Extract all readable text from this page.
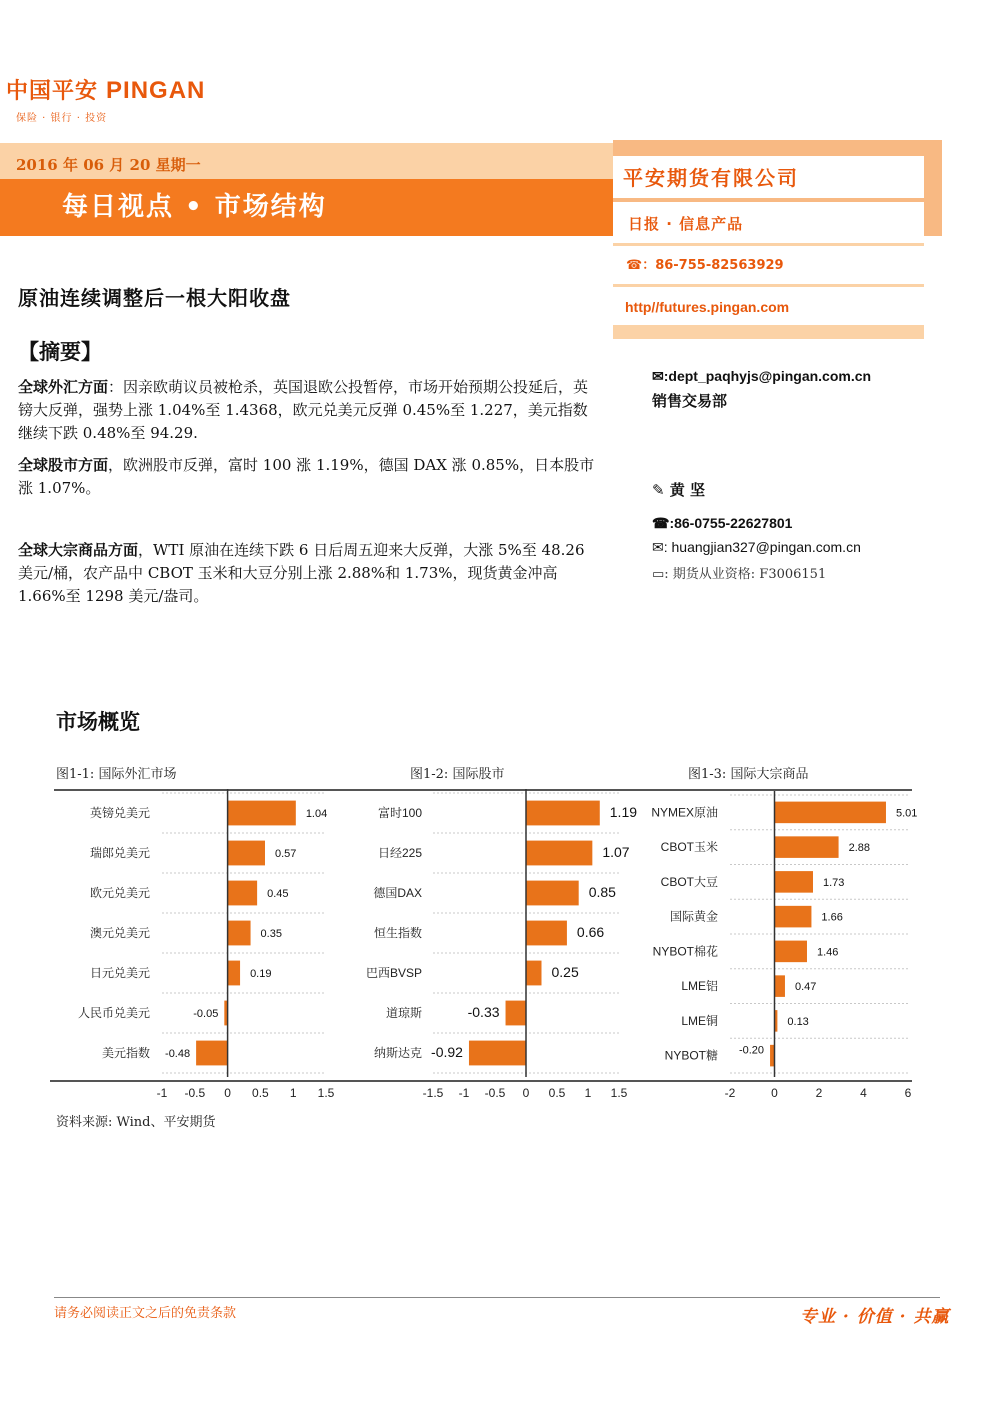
中国平安 PINGAN
保险 · 银行 · 投资
2016 年 06 月 20 星期一
每日视点 • 市场结构
平安期货有限公司
日报 · 信息产品
☎：86-755-82563929
http//futures.pingan.com
✉:dept_paqhyjs@pingan.com.cn
销售交易部
✎ 黄 坚
☎:86-0755-22627801
✉: huangjian327@pingan.com.cn
▭: 期货从业资格: F3006151
原油连续调整后一根大阳收盘
【摘要】
全球外汇方面：因亲欧萌议员被枪杀，英国退欧公投暂停，市场开始预期公投延后，英镑大反弹，强势上涨 1.04%至 1.4368，欧元兑美元反弹 0.45%至 1.227，美元指数继续下跌 0.48%至 94.29.
全球股市方面，欧洲股市反弹，富时 100 涨 1.19%，德国 DAX 涨 0.85%，日本股市涨 1.07%。
全球大宗商品方面，WTI 原油在连续下跌 6 日后周五迎来大反弹，大涨 5%至 48.26 美元/桶，农产品中 CBOT 玉米和大豆分别上涨 2.88%和 1.73%，现货黄金冲高 1.66%至 1298 美元/盎司。
市场概览
图1-1: 国际外汇市场	图1-2: 国际股市	图1-3: 国际大宗商品
英镑兑美元	1.04
瑞郎兑美元	0.57
欧元兑美元	0.45
澳元兑美元	0.35
日元兑美元	0.19
人民币兑美元	-0.05
美元指数 -0.48
-1 -0.5 0 0.5 1 1.5
富时100	1.19
日经225	1.07
德国DAX	0.85
恒生指数	0.66
巴西BVSP	0.25
道琼斯	-0.33
纳斯达克 -0.92
-1.5 -1 -0.5 0 0.5 1 1.5
NYMEX原油	5.01
CBOT玉米	2.88
CBOT大豆	1.73
国际黄金	1.66
NYBOT棉花	1.46
LME铝	0.47
LME铜	0.13
NYBOT糖 -0.20
-2	0	2	4	6
资料来源: Wind、平安期货
请务必阅读正文之后的免责条款	专业 · 价值 · 共赢
